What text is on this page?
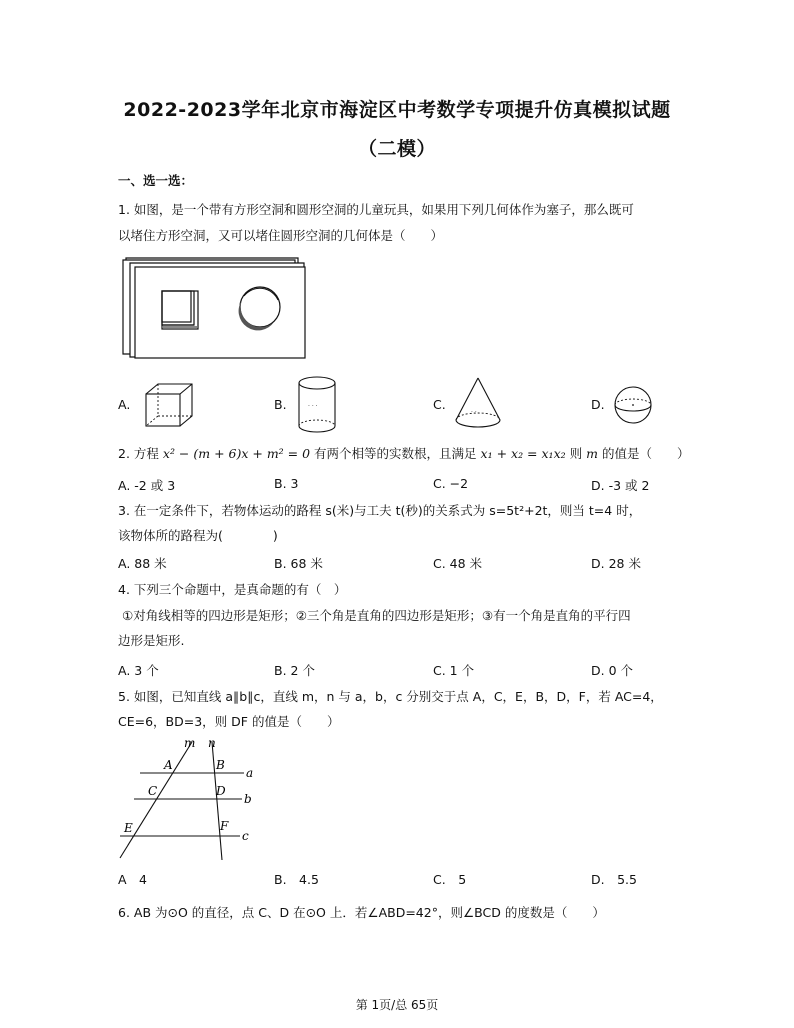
2022-2023学年北京市海淀区中考数学专项提升仿真模拟试题
（二模）
一、选一选：
1. 如图，是一个带有方形空洞和圆形空洞的儿童玩具，如果用下列几何体作为塞子，那么既可
以堵住方形空洞，又可以堵住圆形空洞的几何体是（　　）
A.	B.	· · ·	C.
· ·
D.
2. 方程 x² − (m + 6)x + m² = 0 有两个相等的实数根，且满足 x₁ + x₂ = x₁x₂ 则 m 的值是（　　）
A. -2 或 3	B. 3	C. −2	D. -3 或 2
3. 在一定条件下，若物体运动的路程 s(米)与工夫 t(秒)的关系式为 s=5t²+2t，则当 t=4 时，
该物体所的路程为(　　　　)
A. 88 米	B. 68 米	C. 48 米	D. 28 米
4. 下列三个命题中，是真命题的有（　）
①对角线相等的四边形是矩形；②三个角是直角的四边形是矩形；③有一个角是直角的平行四
边形是矩形.
A. 3 个	B. 2 个	C. 1 个	D. 0 个
5. 如图，已知直线 a∥b∥c，直线 m，n 与 a，b，c 分别交于点 A，C，E，B，D，F，若 AC=4，
CE=6，BD=3，则 DF 的值是（　　）
m n
A	B
a
C	D
b
E	F
c
A　4	B.　4.5	C.　5	D.　5.5
6. AB 为⊙O 的直径，点 C、D 在⊙O 上．若∠ABD=42°，则∠BCD 的度数是（　　）
第 1页/总 65页
